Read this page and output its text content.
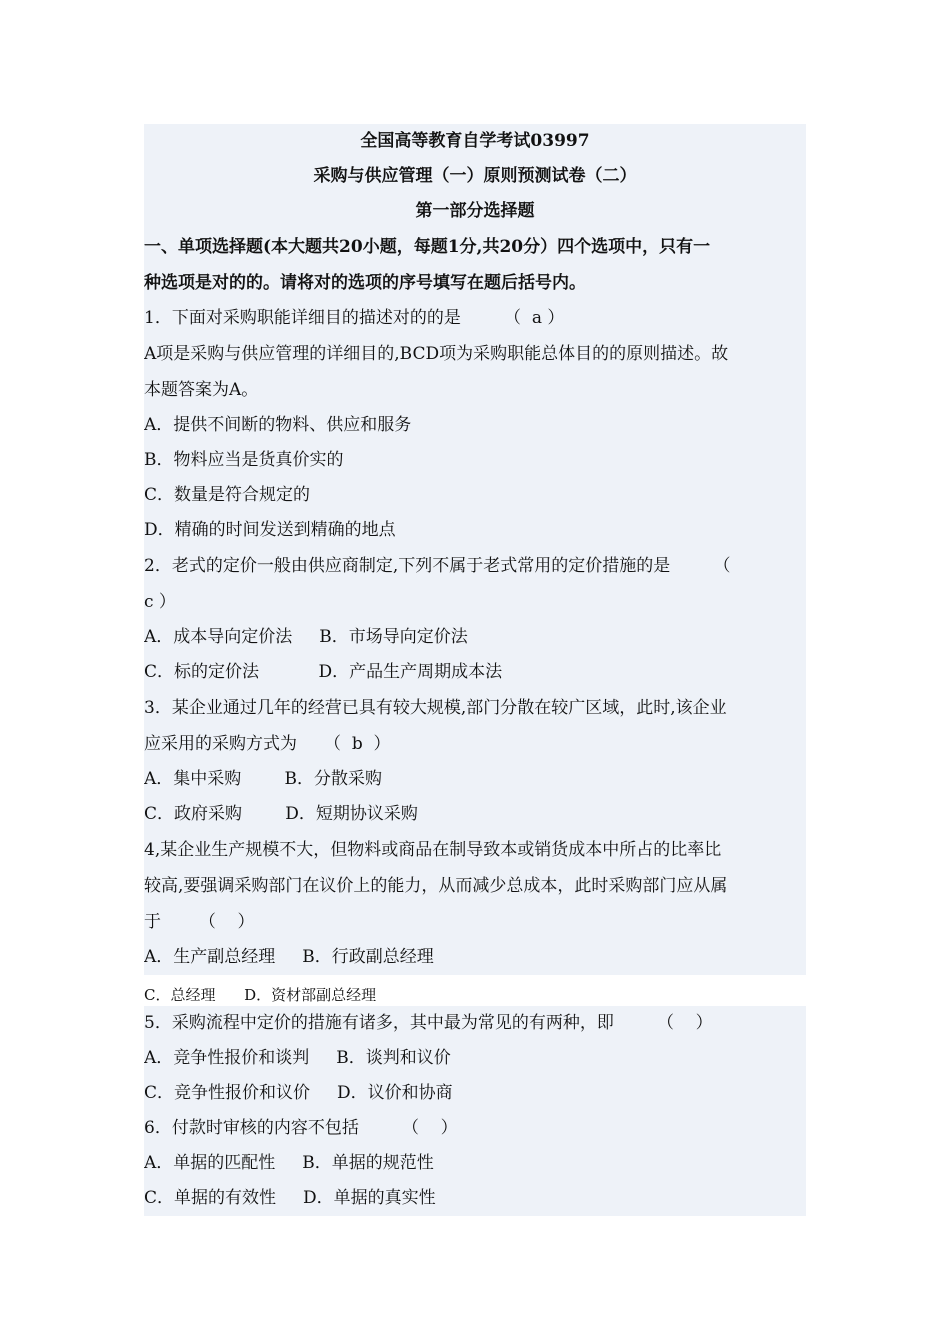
全国高等教育自学考试03997
采购与供应管理（一）原则预测试卷（二）
第一部分选择题
一、单项选择题(本大题共20小题，每题1分,共20分）四个选项中，只有一
种选项是对的的。请将对的选项的序号填写在题后括号内。
1．下面对采购职能详细目的描述对的的是        （  a ）
A项是采购与供应管理的详细目的,BCD项为采购职能总体目的的原则描述。故
本题答案为A。
A．提供不间断的物料、供应和服务
B．物料应当是货真价实的
C．数量是符合规定的
D．精确的时间发送到精确的地点
2．老式的定价一般由供应商制定,下列不属于老式常用的定价措施的是        （
c ）
A．成本导向定价法     B．市场导向定价法
C．标的定价法           D．产品生产周期成本法
3．某企业通过几年的经营已具有较大规模,部门分散在较广区域，此时,该企业
应采用的采购方式为     （  b  ）
A．集中采购        B．分散采购
C．政府采购        D．短期协议采购
4,某企业生产规模不大，但物料或商品在制导致本或销货成本中所占的比率比
较高,要强调采购部门在议价上的能力，从而减少总成本，此时采购部门应从属
于       （    ）
A．生产副总经理     B．行政副总经理
C．总经理      D．资材部副总经理
5．采购流程中定价的措施有诸多，其中最为常见的有两种，即        （    ）
A．竞争性报价和谈判     B．谈判和议价
C．竞争性报价和议价     D．议价和协商
6．付款时审核的内容不包括        （    ）
A．单据的匹配性     B．单据的规范性
C．单据的有效性     D．单据的真实性
